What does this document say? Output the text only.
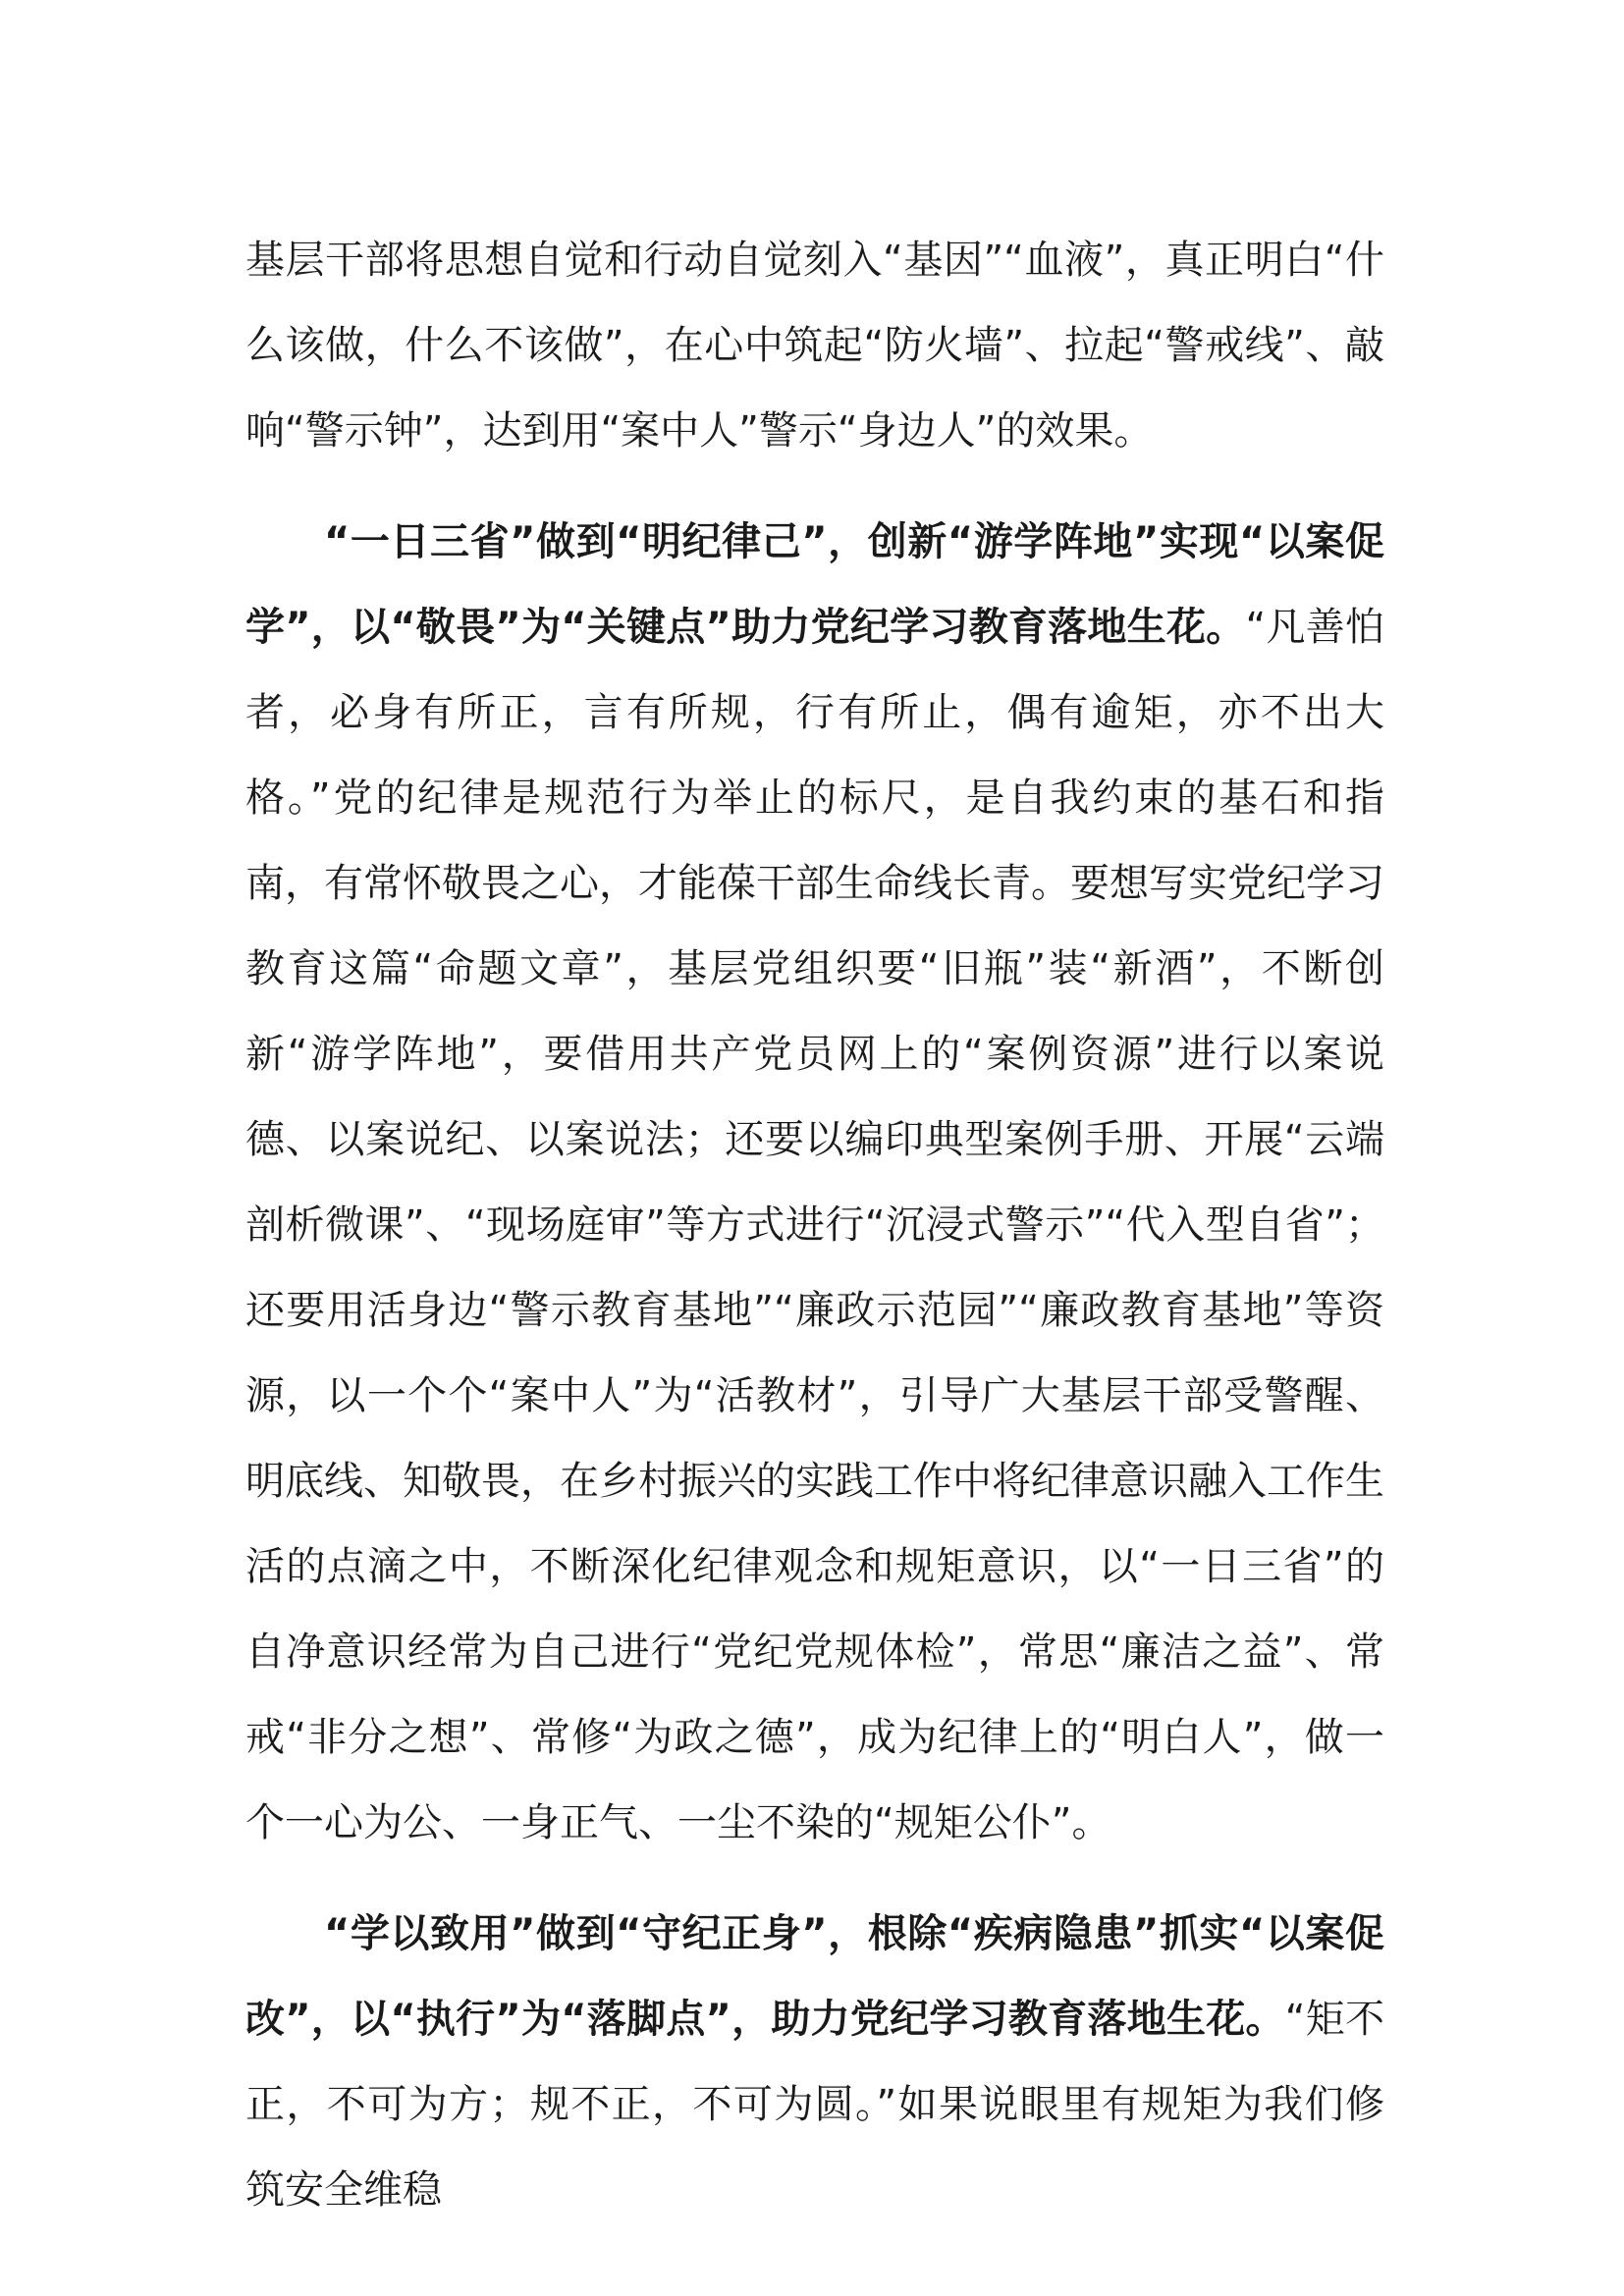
基层干部将思想自觉和行动自觉刻入“基因”“血液”，真正明白“什么该做，什么不该做”，在心中筑起“防火墙”、拉起“警戒线”、敲响“警示钟”，达到用“案中人”警示“身边人”的效果。

“一日三省”做到“明纪律己”，创新“游学阵地”实现“以案促学”，以“敬畏”为“关键点”助力党纪学习教育落地生花。“凡善怕者，必身有所正，言有所规，行有所止，偶有逾矩，亦不出大格。”党的纪律是规范行为举止的标尺，是自我约束的基石和指南，有常怀敬畏之心，才能葆干部生命线长青。要想写实党纪学习教育这篇“命题文章”，基层党组织要“旧瓶”装“新酒”，不断创新“游学阵地”，要借用共产党员网上的“案例资源”进行以案说德、以案说纪、以案说法；还要以编印典型案例手册、开展“云端剖析微课”、“现场庭审”等方式进行“沉浸式警示”“代入型自省”；还要用活身边“警示教育基地”“廉政示范园”“廉政教育基地”等资源，以一个个“案中人”为“活教材”，引导广大基层干部受警醒、明底线、知敬畏，在乡村振兴的实践工作中将纪律意识融入工作生活的点滴之中，不断深化纪律观念和规矩意识，以“一日三省”的自净意识经常为自己进行“党纪党规体检”，常思“廉洁之益”、常戒“非分之想”、常修“为政之德”，成为纪律上的“明白人”，做一个一心为公、一身正气、一尘不染的“规矩公仆”。

“学以致用”做到“守纪正身”，根除“疾病隐患”抓实“以案促改”，以“执行”为“落脚点”，助力党纪学习教育落地生花。“矩不正，不可为方；规不正，不可为圆。”如果说眼里有规矩为我们修筑安全维稳
